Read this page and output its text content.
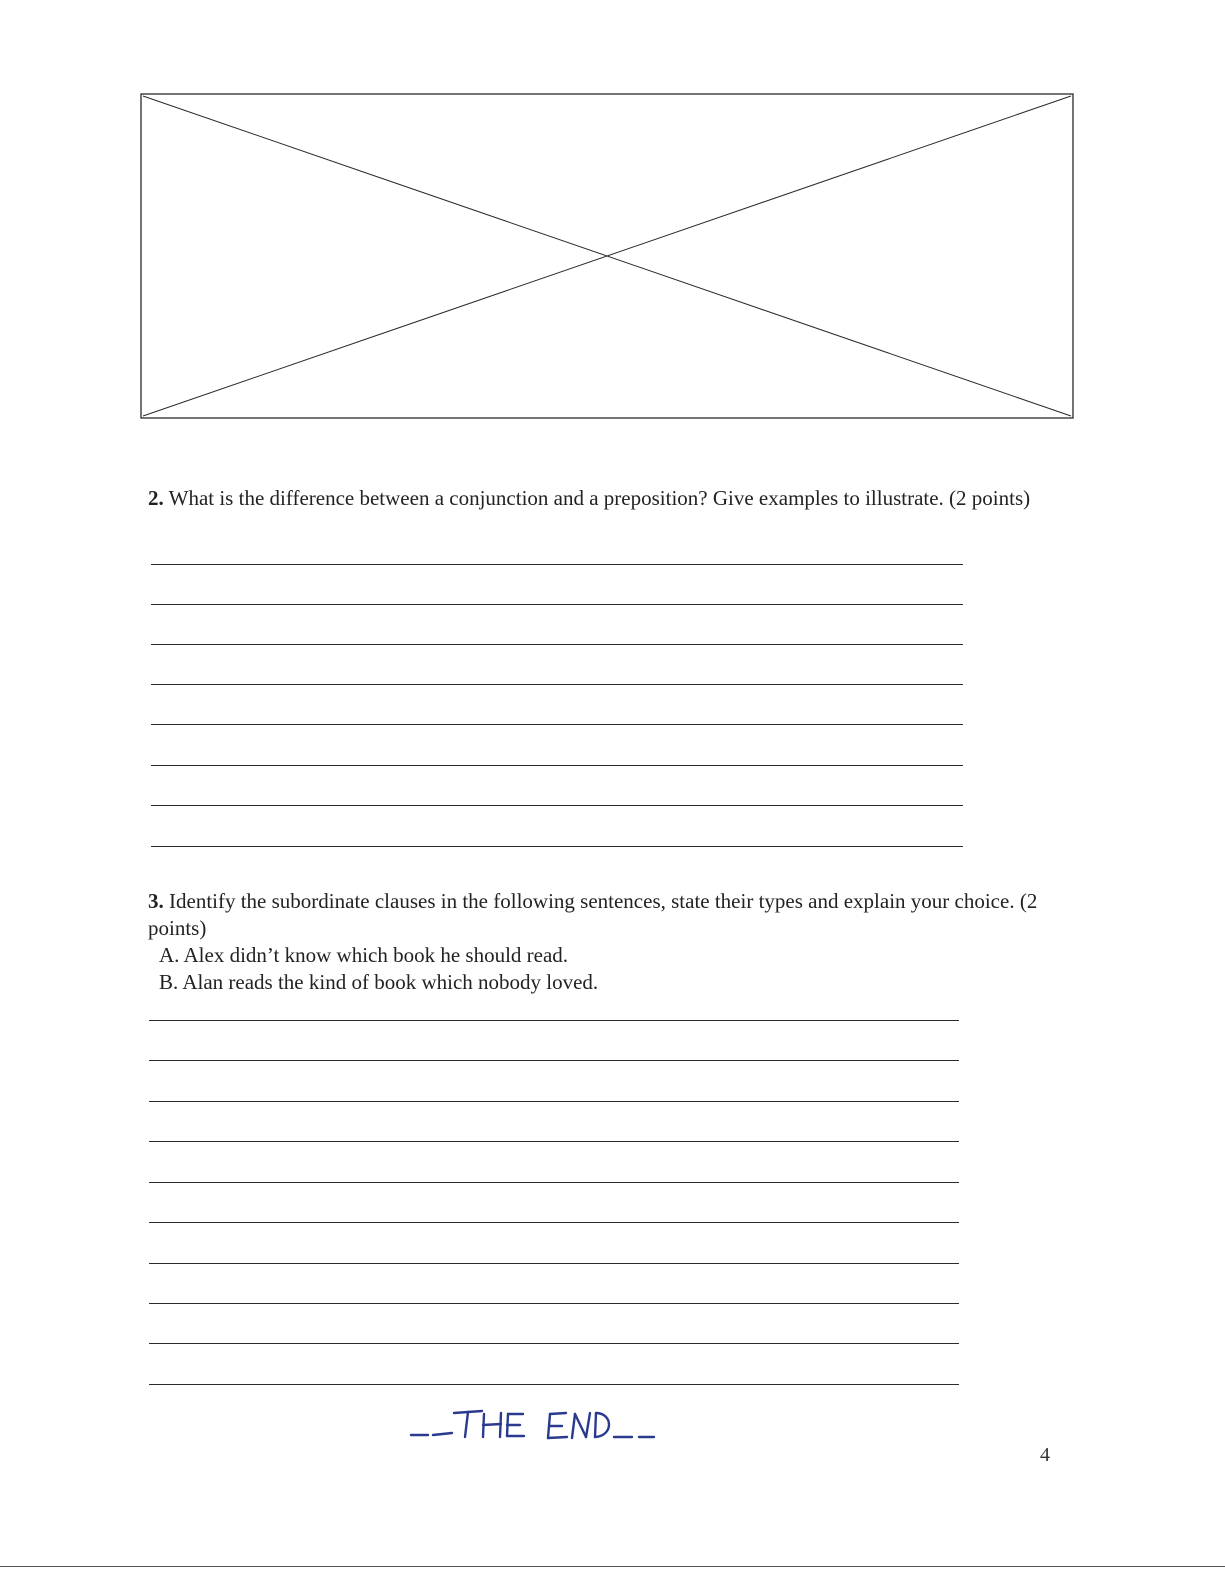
2. What is the difference between a conjunction and a preposition? Give examples to illustrate. (2 points)
3. Identify the subordinate clauses in the following sentences, state their types and explain your choice. (2 points)
A. Alex didn’t know which book he should read.
B. Alan reads the kind of book which nobody loved.
4
